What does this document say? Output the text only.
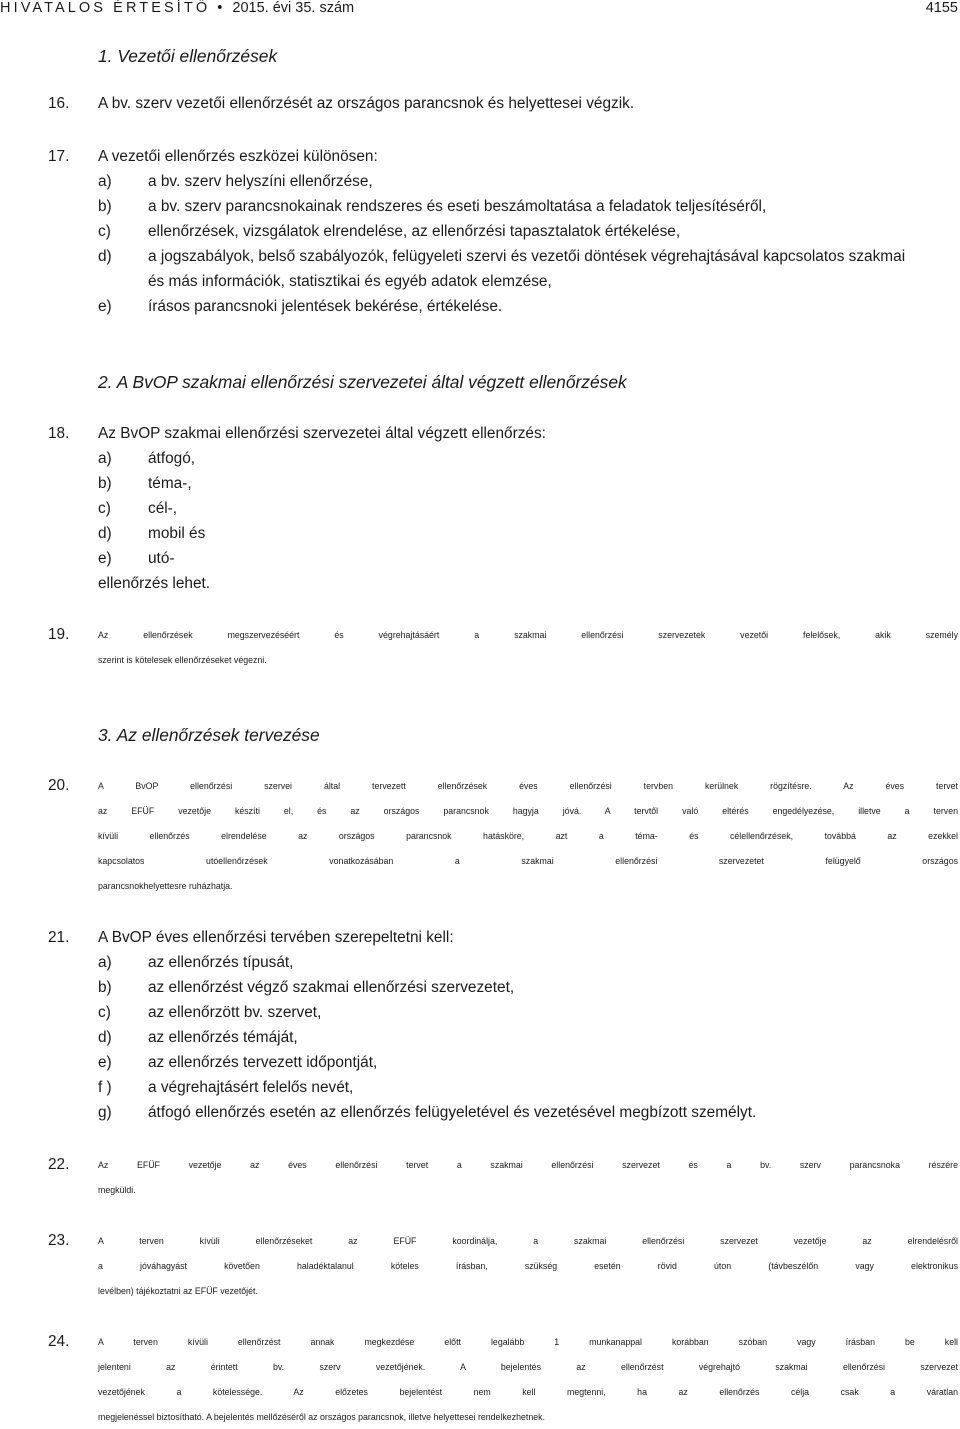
HIVATALOS ÉRTESÍTŐ • 2015. évi 35. szám	4155
1. Vezetői ellenőrzések
16. A bv. szerv vezetői ellenőrzését az országos parancsnok és helyettesei végzik.
17. A vezetői ellenőrzés eszközei különösen:
a) a bv. szerv helyszíni ellenőrzése,
b) a bv. szerv parancsnokainak rendszeres és eseti beszámoltatása a feladatok teljesítéséről,
c) ellenőrzések, vizsgálatok elrendelése, az ellenőrzési tapasztalatok értékelése,
d) a jogszabályok, belső szabályozók, felügyeleti szervi és vezetői döntések végrehajtásával kapcsolatos szakmai
és más információk, statisztikai és egyéb adatok elemzése,
e) írásos parancsnoki jelentések bekérése, értékelése.
2. A BvOP szakmai ellenőrzési szervezetei által végzett ellenőrzések
18. Az BvOP szakmai ellenőrzési szervezetei által végzett ellenőrzés:
a) átfogó,
b) téma-,
c) cél-,
d) mobil és
e) utó-
ellenőrzés lehet.
19.	Az ellenőrzések megszervezéséért és végrehajtásáért a szakmai ellenőrzési szervezetek vezetői felelősek, akik személy
szerint is kötelesek ellenőrzéseket végezni.
3. Az ellenőrzések tervezése
20.	A BvOP ellenőrzési szervei által tervezett ellenőrzések éves ellenőrzési tervben kerülnek rögzítésre. Az éves tervet
az EFÜF vezetője készíti el, és az országos parancsnok hagyja jóvá. A tervtől való eltérés engedélyezése, illetve a terven
kívüli ellenőrzés elrendelése az országos parancsnok hatásköre, azt a téma- és célellenőrzések, továbbá az ezekkel
kapcsolatos utóellenőrzések vonatkozásában a szakmai ellenőrzési szervezetet felügyelő országos
parancsnokhelyettesre ruházhatja.
21. A BvOP éves ellenőrzési tervében szerepeltetni kell:
a) az ellenőrzés típusát,
b) az ellenőrzést végző szakmai ellenőrzési szervezetet,
c) az ellenőrzött bv. szervet,
d) az ellenőrzés témáját,
e) az ellenőrzés tervezett időpontját,
f ) a végrehajtásért felelős nevét,
g) átfogó ellenőrzés esetén az ellenőrzés felügyeletével és vezetésével megbízott személyt.
22.	Az EFÜF vezetője az éves ellenőrzési tervet a szakmai ellenőrzési szervezet és a bv. szerv parancsnoka részére
megküldi.
23.	A terven kívüli ellenőrzéseket az EFÜF koordinálja, a szakmai ellenőrzési szervezet vezetője az elrendelésről
a jóváhagyást követően haladéktalanul köteles írásban, szükség esetén rövid úton (távbeszélőn vagy elektronikus
levélben) tájékoztatni az EFÜF vezetőjét.
24.	A terven kívüli ellenőrzést annak megkezdése előtt legalább 1 munkanappal korábban szóban vagy írásban be kell
jelenteni az érintett bv. szerv vezetőjének. A bejelentés az ellenőrzést végrehajtó szakmai ellenőrzési szervezet
vezetőjének a kötelessége. Az előzetes bejelentést nem kell megtenni, ha az ellenőrzés célja csak a váratlan
megjelenéssel biztosítható. A bejelentés mellőzéséről az országos parancsnok, illetve helyettesei rendelkezhetnek.
